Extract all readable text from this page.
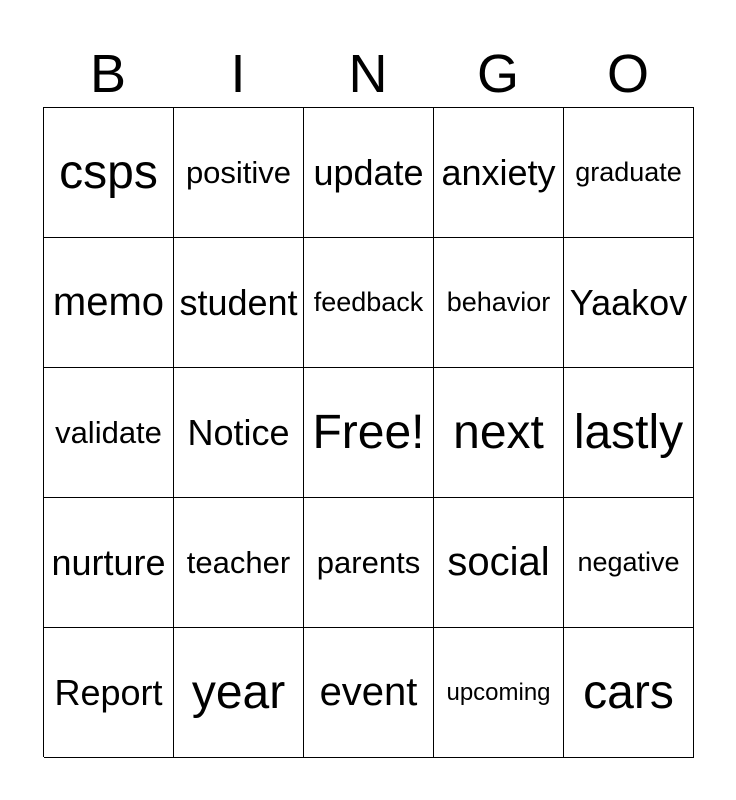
B	I	N	G	O
csps positive update anxiety graduate
memo student feedback behavior Yaakov
validate Notice Free! next lastly
nurture teacher parents social	negative
Report year event	upcoming cars
